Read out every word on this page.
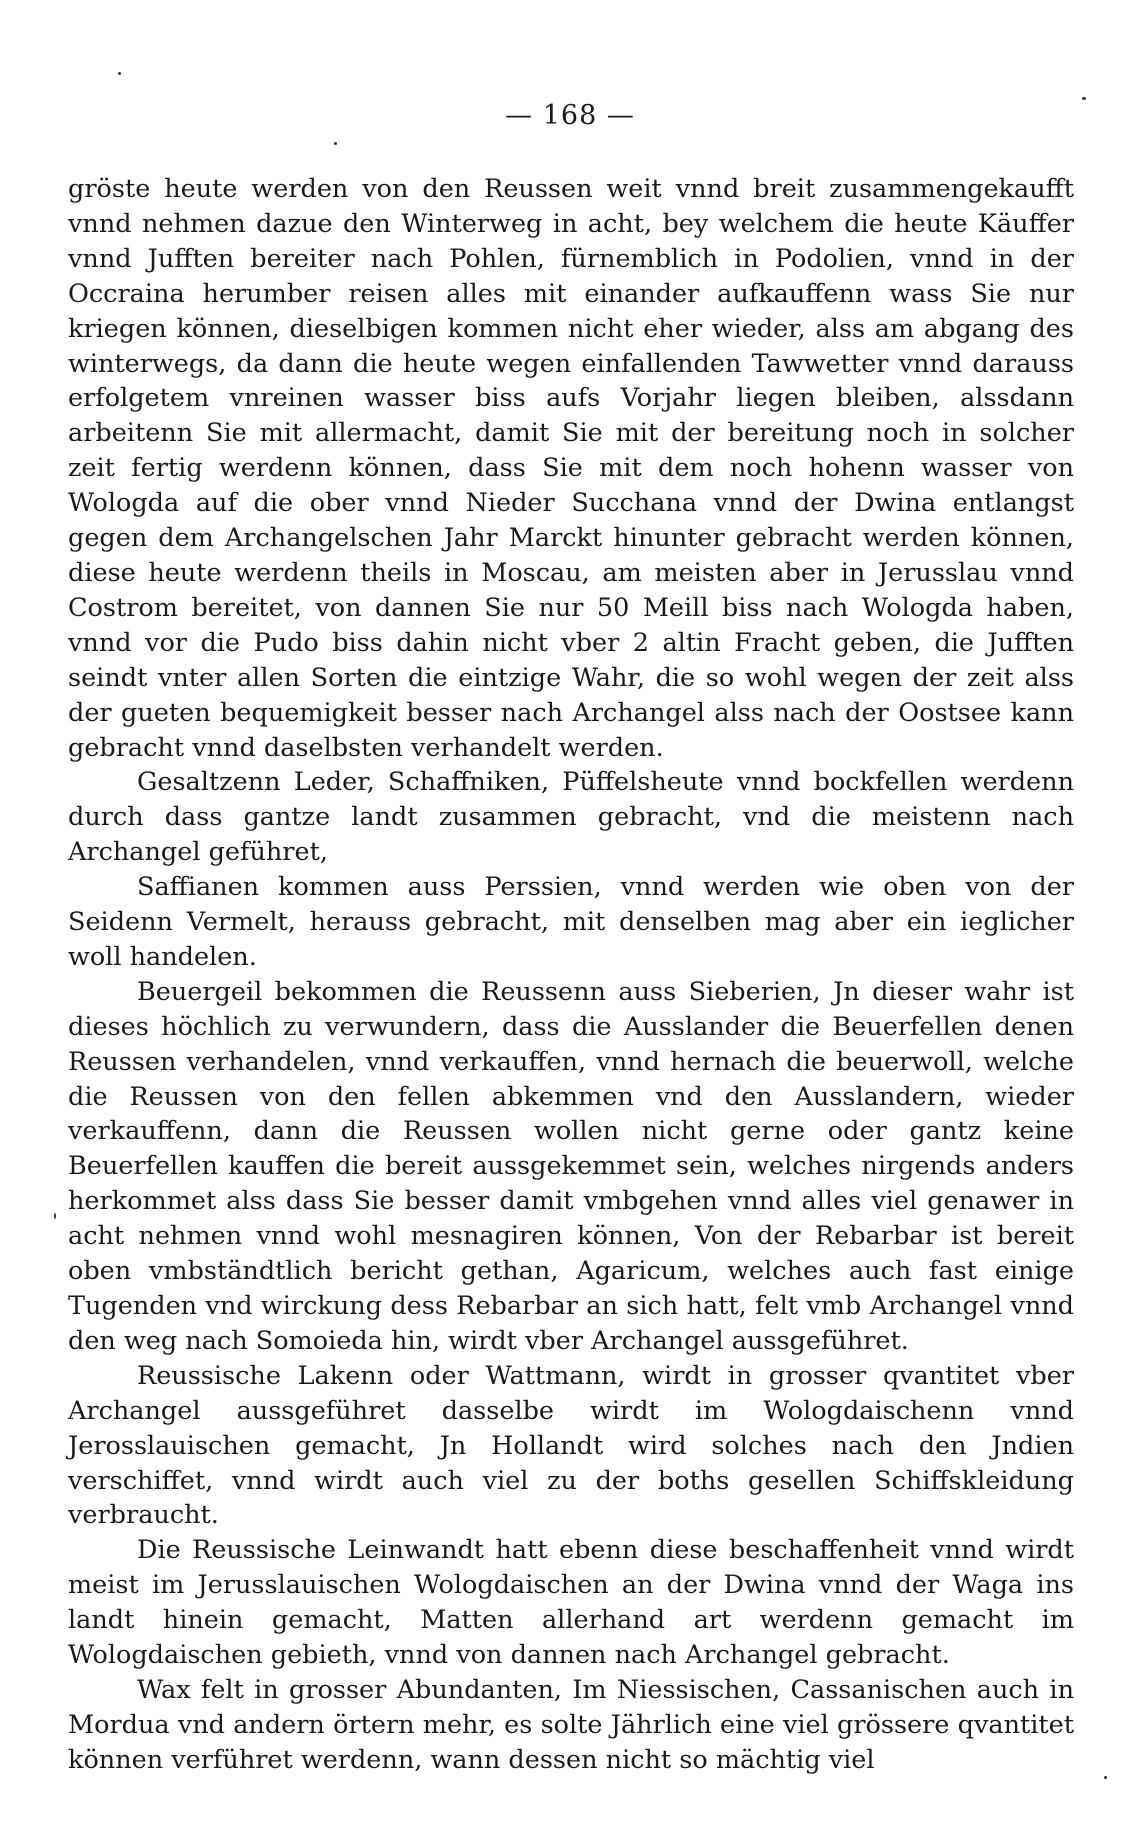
— 168 —

gröste heute werden von den Reussen weit vnnd breit zusammengekaufft vnnd nehmen dazue den Winterweg in acht, bey welchem die heute Käuffer vnnd Jufften bereiter nach Pohlen, fürnemblich in Podolien, vnnd in der Occraina herumber reisen alles mit einander aufkauffenn wass Sie nur kriegen können, dieselbigen kommen nicht eher wieder, alss am abgang des winterwegs, da dann die heute wegen einfallenden Tawwetter vnnd darauss erfolgetem vnreinen wasser biss aufs Vorjahr liegen bleiben, alssdann arbeitenn Sie mit allermacht, damit Sie mit der bereitung noch in solcher zeit fertig werdenn können, dass Sie mit dem noch hohenn wasser von Wologda auf die ober vnnd Nieder Succhana vnnd der Dwina entlangst gegen dem Archangelschen Jahr Marckt hinunter gebracht werden können, diese heute werdenn theils in Moscau, am meisten aber in Jerusslau vnnd Costrom bereitet, von dannen Sie nur 50 Meill biss nach Wologda haben, vnnd vor die Pudo biss dahin nicht vber 2 altin Fracht geben, die Jufften seindt vnter allen Sorten die eintzige Wahr, die so wohl wegen der zeit alss der gueten bequemigkeit besser nach Archangel alss nach der Oostsee kann gebracht vnnd daselbsten verhandelt werden.

Gesaltzenn Leder, Schaffniken, Püffelsheute vnnd bockfellen werdenn durch dass gantze landt zusammen gebracht, vnd die meistenn nach Archangel geführet,

Saffianen kommen auss Perssien, vnnd werden wie oben von der Seidenn Vermelt, herauss gebracht, mit denselben mag aber ein ieglicher woll handelen.

Beuergeil bekommen die Reussenn auss Sieberien, Jn dieser wahr ist dieses höchlich zu verwundern, dass die Ausslander die Beuerfellen denen Reussen verhandelen, vnnd verkauffen, vnnd hernach die beuerwoll, welche die Reussen von den fellen abkemmen vnd den Ausslandern, wieder verkauffenn, dann die Reussen wollen nicht gerne oder gantz keine Beuerfellen kauffen die bereit aussgekemmet sein, welches nirgends anders herkommet alss dass Sie besser damit vmbgehen vnnd alles viel genawer in acht nehmen vnnd wohl mesnagiren können, Von der Rebarbar ist bereit oben vmbständtlich bericht gethan, Agaricum, welches auch fast einige Tugenden vnd wirckung dess Rebarbar an sich hatt, felt vmb Archangel vnnd den weg nach Somoieda hin, wirdt vber Archangel aussgeführet.

Reussische Lakenn oder Wattmann, wirdt in grosser qvantitet vber Archangel aussgeführet dasselbe wirdt im Wologdaischenn vnnd Jerosslauischen gemacht, Jn Hollandt wird solches nach den Jndien verschiffet, vnnd wirdt auch viel zu der boths gesellen Schiffskleidung verbraucht.

Die Reussische Leinwandt hatt ebenn diese beschaffenheit vnnd wirdt meist im Jerusslauischen Wologdaischen an der Dwina vnnd der Waga ins landt hinein gemacht, Matten allerhand art werdenn gemacht im Wologdaischen gebieth, vnnd von dannen nach Archangel gebracht.

Wax felt in grosser Abundanten, Im Niessischen, Cassanischen auch in Mordua vnd andern örtern mehr, es solte Jährlich eine viel grössere qvantitet können verführet werdenn, wann dessen nicht so mächtig viel
